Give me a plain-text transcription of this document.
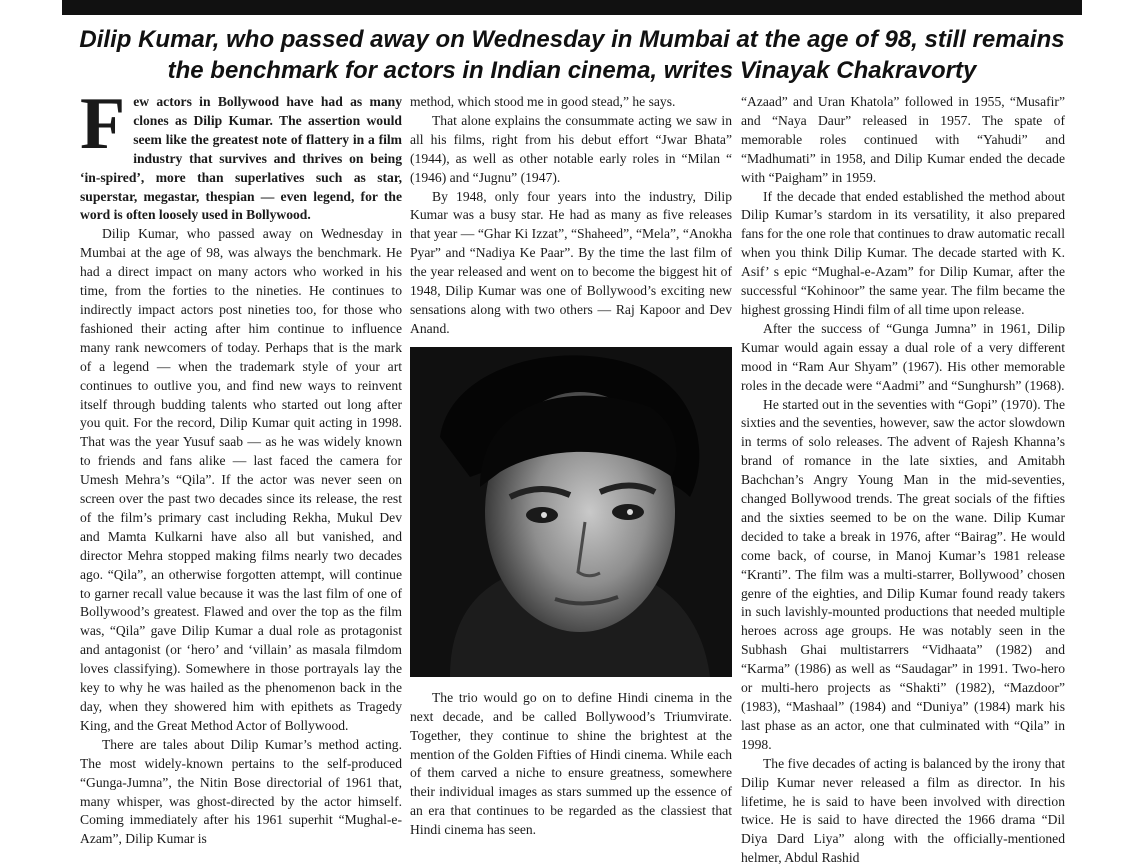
Dilip Kumar, who passed away on Wednesday in Mumbai at the age of 98, still remains the benchmark for actors in Indian cinema, writes Vinayak Chakravorty

Few actors in Bollywood have had as many clones as Dilip Kumar. The assertion would seem like the greatest note of flattery in a film industry that survives and thrives on being ‘in-spired’, more than superlatives such as star, superstar, megastar, thespian — even legend, for the word is often loosely used in Bollywood.

Dilip Kumar, who passed away on Wednesday in Mumbai at the age of 98, was always the benchmark. He had a direct impact on many actors who worked in his time, from the forties to the nineties. He continues to indirectly impact actors post nineties too, for those who fashioned their acting after him continue to influence many rank newcomers of today. Perhaps that is the mark of a legend — when the trademark style of your art continues to outlive you, and find new ways to reinvent itself through budding talents who started out long after you quit. For the record, Dilip Kumar quit acting in 1998. That was the year Yusuf saab — as he was widely known to friends and fans alike — last faced the camera for Umesh Mehra’s “Qila”. If the actor was never seen on screen over the past two decades since its release, the rest of the film’s primary cast including Rekha, Mukul Dev and Mamta Kulkarni have also all but vanished, and director Mehra stopped making films nearly two decades ago. “Qila”, an otherwise forgotten attempt, will continue to garner recall value because it was the last film of one of Bollywood’s greatest. Flawed and over the top as the film was, “Qila” gave Dilip Kumar a dual role as protagonist and antagonist (or ‘hero’ and ‘villain’ as masala filmdom loves classifying). Somewhere in those portrayals lay the key to why he was hailed as the phenomenon back in the day, when they showered him with epithets as Tragedy King, and the Great Method Actor of Bollywood.

There are tales about Dilip Kumar’s method acting. The most widely-known pertains to the self-produced “Gunga-Jumna”, the Nitin Bose directorial of 1961 that, many whisper, was ghost-directed by the actor himself. Coming immediately after his 1961 superhit “Mughal-e-Azam”, Dilip Kumar is

method, which stood me in good stead,” he says.

That alone explains the consummate acting we saw in all his films, right from his debut effort “Jwar Bhata” (1944), as well as other notable early roles in “Milan “ (1946) and “Jugnu” (1947).

By 1948, only four years into the industry, Dilip Kumar was a busy star. He had as many as five releases that year — “Ghar Ki Izzat”, “Shaheed”, “Mela”, “Anokha Pyar” and “Nadiya Ke Paar”. By the time the last film of the year released and went on to become the biggest hit of 1948, Dilip Kumar was one of Bollywood’s exciting new sensations along with two others — Raj Kapoor and Dev Anand.

The trio would go on to define Hindi cinema in the next decade, and be called Bollywood’s Triumvirate. Together, they continue to shine the brightest at the mention of the Golden Fifties of Hindi cinema. While each of them carved a niche to ensure greatness, somewhere their individual images as stars summed up the essence of an era that continues to be regarded as the classiest that Hindi cinema has seen.

“Azaad” and Uran Khatola” followed in 1955, “Musafir” and “Naya Daur” released in 1957. The spate of memorable roles continued with “Yahudi” and “Madhumati” in 1958, and Dilip Kumar ended the decade with “Paigham” in 1959.

If the decade that ended established the method about Dilip Kumar’s stardom in its versatility, it also prepared fans for the one role that continues to draw automatic recall when you think Dilip Kumar. The decade started with K. Asif’ s epic “Mughal-e-Azam” for Dilip Kumar, after the successful “Kohinoor” the same year. The film became the highest grossing Hindi film of all time upon release.

After the success of “Gunga Jumna” in 1961, Dilip Kumar would again essay a dual role of a very different mood in “Ram Aur Shyam” (1967). His other memorable roles in the decade were “Aadmi” and “Sunghursh” (1968).

He started out in the seventies with “Gopi” (1970). The sixties and the seventies, however, saw the actor slowdown in terms of solo releases. The advent of Rajesh Khanna’s brand of romance in the late sixties, and Amitabh Bachchan’s Angry Young Man in the mid-seventies, changed Bollywood trends. The great socials of the fifties and the sixties seemed to be on the wane. Dilip Kumar decided to take a break in 1976, after “Bairag”. He would come back, of course, in Manoj Kumar’s 1981 release “Kranti”. The film was a multi-starrer, Bollywood’ chosen genre of the eighties, and Dilip Kumar found ready takers in such lavishly-mounted productions that needed multiple heroes across age groups. He was notably seen in the Subhash Ghai multistarrers “Vidhaata” (1982) and “Karma” (1986) as well as “Saudagar” in 1991. Two-hero or multi-hero projects as “Shakti” (1982), “Mazdoor” (1983), “Mashaal” (1984) and “Duniya” (1984) mark his last phase as an actor, one that culminated with “Qila” in 1998.

The five decades of acting is balanced by the irony that Dilip Kumar never released a film as director. In his lifetime, he is said to have been involved with direction twice. He is said to have directed the 1966 drama “Dil Diya Dard Liya” along with the officially-mentioned helmer, Abdul Rashid
